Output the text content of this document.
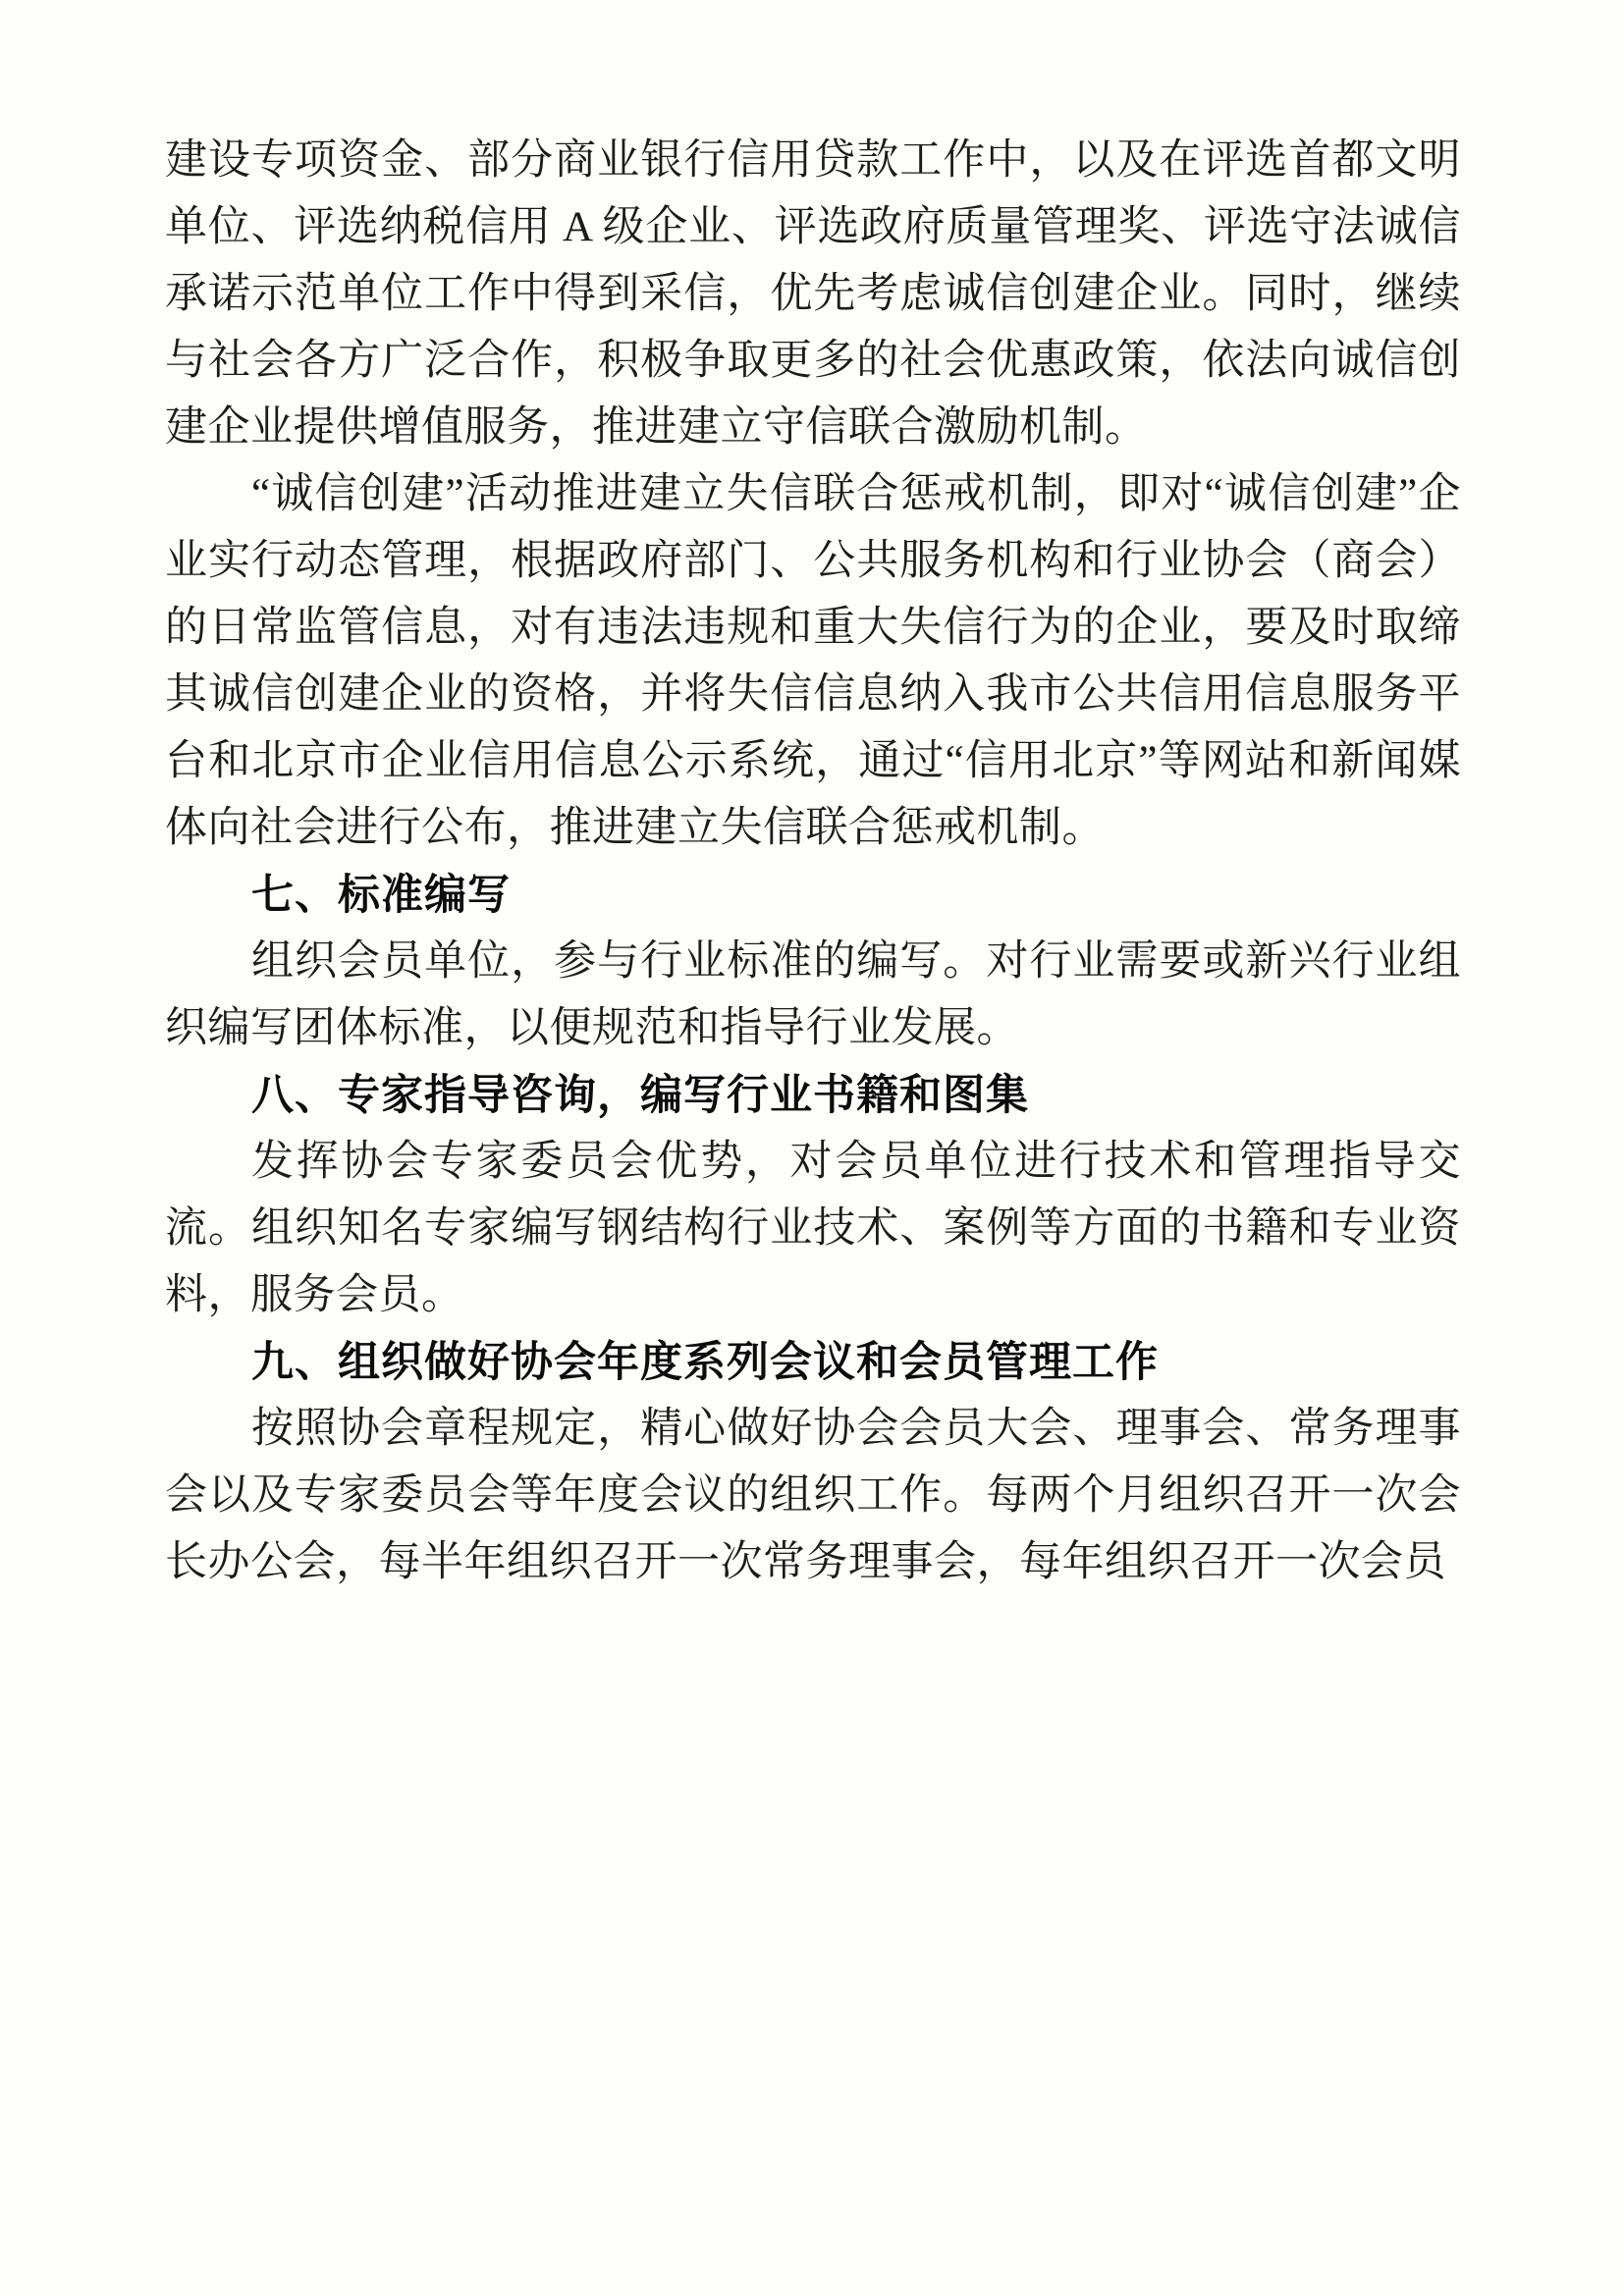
建设专项资金、部分商业银行信用贷款工作中，以及在评选首都文明单位、评选纳税信用 A 级企业、评选政府质量管理奖、评选守法诚信承诺示范单位工作中得到采信，优先考虑诚信创建企业。同时，继续与社会各方广泛合作，积极争取更多的社会优惠政策，依法向诚信创建企业提供增值服务，推进建立守信联合激励机制。

“诚信创建”活动推进建立失信联合惩戒机制，即对“诚信创建”企业实行动态管理，根据政府部门、公共服务机构和行业协会（商会）的日常监管信息，对有违法违规和重大失信行为的企业，要及时取缔其诚信创建企业的资格，并将失信信息纳入我市公共信用信息服务平台和北京市企业信用信息公示系统，通过“信用北京”等网站和新闻媒体向社会进行公布，推进建立失信联合惩戒机制。

七、标准编写

组织会员单位，参与行业标准的编写。对行业需要或新兴行业组织编写团体标准，以便规范和指导行业发展。

八、专家指导咨询，编写行业书籍和图集

发挥协会专家委员会优势，对会员单位进行技术和管理指导交流。组织知名专家编写钢结构行业技术、案例等方面的书籍和专业资料，服务会员。

九、组织做好协会年度系列会议和会员管理工作

按照协会章程规定，精心做好协会会员大会、理事会、常务理事会以及专家委员会等年度会议的组织工作。每两个月组织召开一次会长办公会，每半年组织召开一次常务理事会，每年组织召开一次会员
